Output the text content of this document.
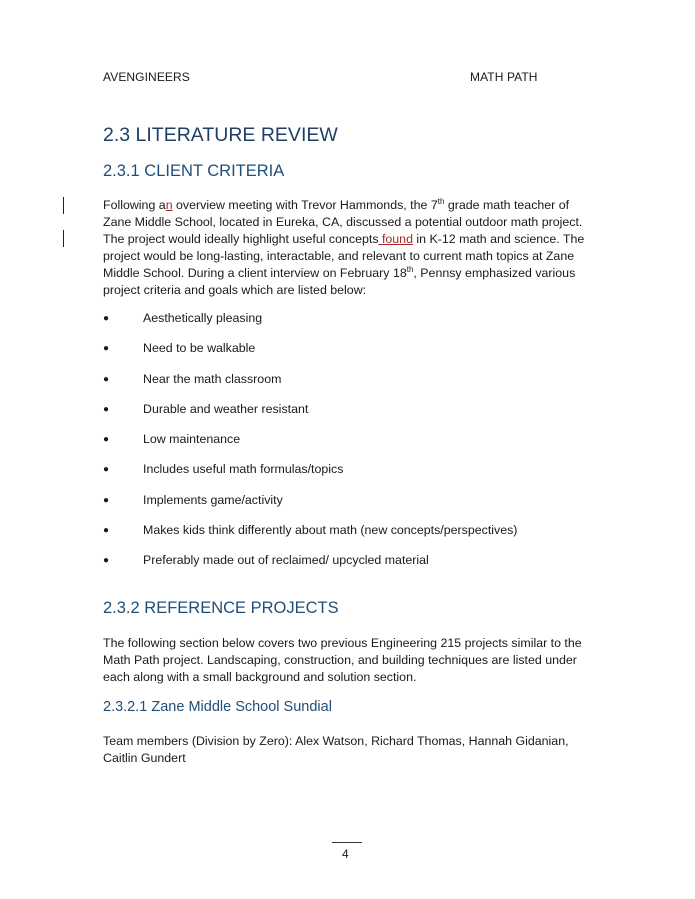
AVENGINEERS	MATH PATH
2.3 LITERATURE REVIEW
2.3.1 CLIENT CRITERIA

Following an overview meeting with Trevor Hammonds, the 7th grade math teacher of
Zane Middle School, located in Eureka, CA, discussed a potential outdoor math project.
The project would ideally highlight useful concepts found in K-12 math and science. The
project would be long-lasting, interactable, and relevant to current math topics at Zane
Middle School. During a client interview on February 18th, Pennsy emphasized various
project criteria and goals which are listed below:

●	Aesthetically pleasing
●	Need to be walkable
●	Near the math classroom
●	Durable and weather resistant
●	Low maintenance
●	Includes useful math formulas/topics
●	Implements game/activity
●	Makes kids think differently about math (new concepts/perspectives)
●	Preferably made out of reclaimed/ upcycled material
2.3.2 REFERENCE PROJECTS

The following section below covers two previous Engineering 215 projects similar to the
Math Path project. Landscaping, construction, and building techniques are listed under
each along with a small background and solution section.

2.3.2.1 Zane Middle School Sundial

Team members (Division by Zero): Alex Watson, Richard Thomas, Hannah Gidanian,
Caitlin Gundert

4
